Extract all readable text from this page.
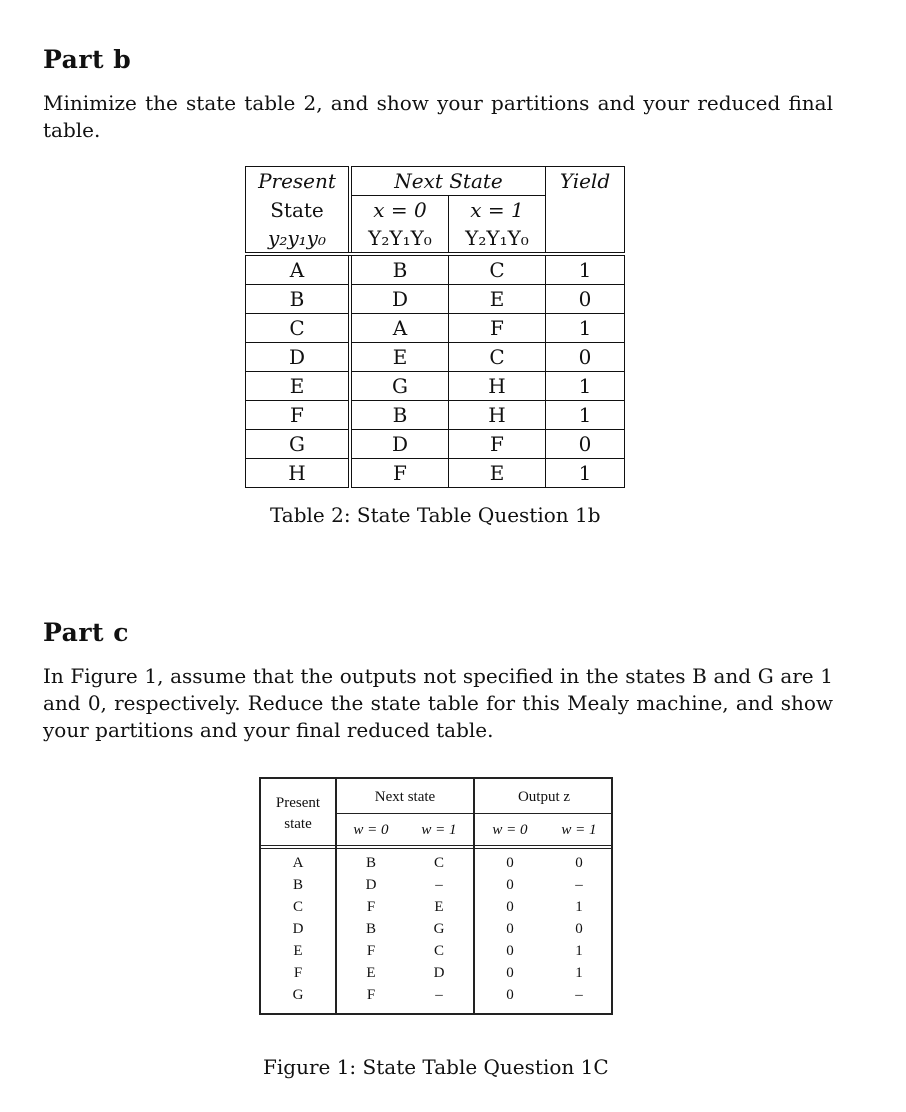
Part b
Minimize the state table 2, and show your partitions and your reduced final table.
Present	Next State		Yield
State	x = 0	x = 1	
y₂y₁y₀	Y₂Y₁Y₀	Y₂Y₁Y₀	
A	B	C	1
B	D	E	0
C	A	F	1
D	E	C	0
E	G	H	1
F	B	H	1
G	D	F	0
H	F	E	1
Table 2: State Table Question 1b
Part c
In Figure 1, assume that the outputs not specified in the states B and G are 1 and 0, respectively. Reduce the state table for this Mealy machine, and show your partitions and your final reduced table.
Present
state
Next state	Output z
w = 0	w = 1	w = 0	w = 1
A	B	C	0	0
B	D	–	0	–
C	F	E	0	1
D	B	G	0	0
E	F	C	0	1
F	E	D	0	1
G	F	–	0	–
Figure 1: State Table Question 1C
